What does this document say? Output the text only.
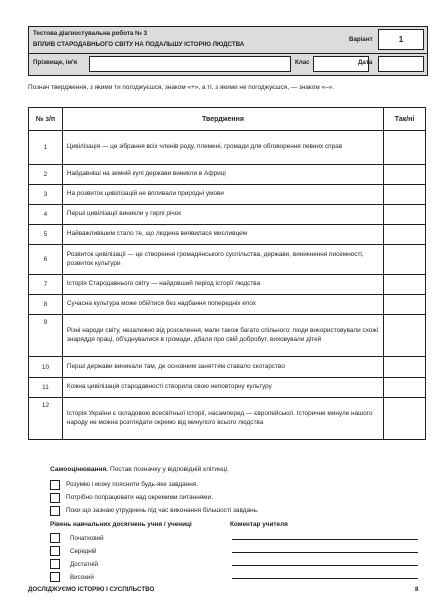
Тестова діагностувальна робота № 3
ВПЛИВ СТАРОДАВНЬОГО СВІТУ НА ПОДАЛЬШУ ІСТОРІЮ ЛЮДСТВА
Варіант	1
Прізвище, ім'я	Клас	Дата
Познач твердження, з якими ти погоджуєшся, знаком «+», а ті, з якими не погоджуєшся, — знаком «–».
№ з/п	Твердження	Так/ні
1	Цивілізація — це зібрання всіх членів роду, племені, громади для обговорення певних справ	
2	Найдавніші на земній кулі держави виникли в Африці	
3	На розвиток цивілізацій не впливали природні умови	
4	Перші цивілізації виникли у гирлі річок	
5	Найважливішим стало те, що людина виявилася мисливцем	
6	Розвиток цивілізації — це створення громадянського суспільства, держави, виникнення писемності, розвиток культури	
7	Історія Стародавнього світу — найдовший період історії людства	
8	Сучасна культура може обійтися без надбання попередніх епох	
9	Різні народи світу, незалежно від розселення, мали також багато спільного: люди використовували схожі знаряддя праці, об'єднувалися в громади, дбали про свій добробут, виховували дітей	
10	Перші держави виникали там, де основним заняттям ставало скотарство	
11	Кожна цивілізація стародавності створила свою неповторну культуру	
12	Історія України є складовою всесвітньої історії, насамперед — європейської. Історичне минуле нашого народу не можна розглядати окремо від минулого всього людства	
Самооцінювання. Постав позначку у відповідній клітинці.
Розумію і можу пояснити будь-яке завдання.
Потрібно попрацювати над окремими питаннями.
Поки що зазнаю утруднень під час виконання більшості завдань.
Рівень навчальних досягнень учня / учениці
Початковий
Середній
Достатній
Високий
Коментар учителя
ДОСЛІДЖУЄМО ІСТОРІЮ І СУСПІЛЬСТВО	8
